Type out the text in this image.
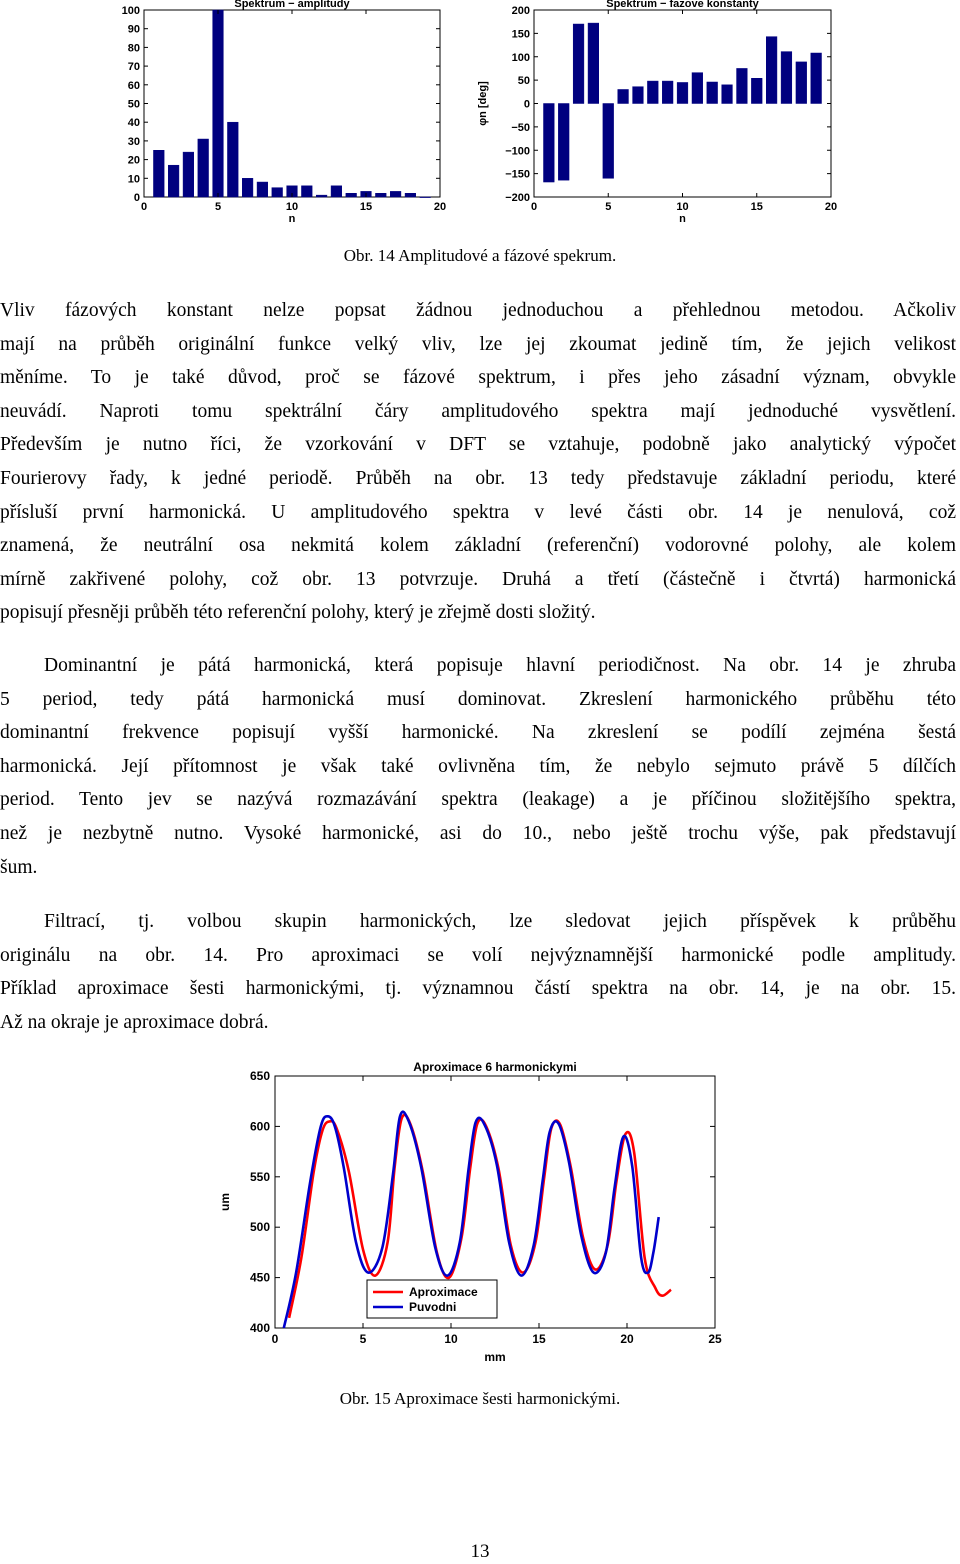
0
10
20
30
40
50
60
70
80
90
100
0	5	10	15	20
n
Spektrum − amplitudy
−200
−150
−100
−50
0
50
100
150
200
0	5	10	15	20
n
Spektrum − fazove konstanty
φn [deg]
Obr. 14 Amplitudové a fázové spekrum.
Vliv fázových konstant nelze popsat žádnou jednoduchou a přehlednou metodou. Ačkoliv
mají na průběh originální funkce velký vliv, lze jej zkoumat jedině tím, že jejich velikost
měníme. To je také důvod, proč se fázové spektrum, i přes jeho zásadní význam, obvykle
neuvádí. Naproti tomu spektrální čáry amplitudového spektra mají jednoduché vysvětlení.
Především je nutno říci, že vzorkování v DFT se vztahuje, podobně jako analytický výpočet
Fourierovy řady, k jedné periodě. Průběh na obr. 13 tedy představuje základní periodu, které
přísluší první harmonická. U amplitudového spektra v levé části obr. 14 je nenulová, což
znamená, že neutrální osa nekmitá kolem základní (referenční) vodorovné polohy, ale kolem
mírně zakřivené polohy, což obr. 13 potvrzuje. Druhá a třetí (částečně i čtvrtá) harmonická
popisují přesněji průběh této referenční polohy, který je zřejmě dosti složitý.
Dominantní je pátá harmonická, která popisuje hlavní periodičnost. Na obr. 14 je zhruba
5 period, tedy pátá harmonická musí dominovat. Zkreslení harmonického průběhu této
dominantní frekvence popisují vyšší harmonické. Na zkreslení se podílí zejména šestá
harmonická. Její přítomnost je však také ovlivněna tím, že nebylo sejmuto právě 5 dílčích
period. Tento jev se nazývá rozmazávání spektra (leakage) a je příčinou složitějšího spektra,
než je nezbytně nutno. Vysoké harmonické, asi do 10., nebo ještě trochu výše, pak představují
šum.
Filtrací, tj. volbou skupin harmonických, lze sledovat jejich příspěvek k průběhu
originálu na obr. 14. Pro aproximaci se volí nejvýznamnější harmonické podle amplitudy.
Příklad aproximace šesti harmonickými, tj. významnou částí spektra na obr. 14, je na obr. 15.
Až na okraje je aproximace dobrá.
400
450
500
550
600
650
0	5	10	15	20	25
mm
Aproximace 6 harmonickymi
um
Aproximace
Puvodni
Obr. 15 Aproximace šesti harmonickými.
13
